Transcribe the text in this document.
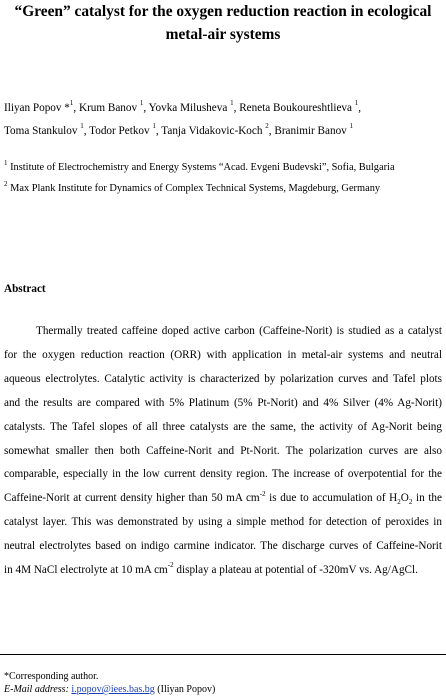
“Green” catalyst for the oxygen reduction reaction in ecological
metal-air systems
Iliyan Popov *$^1$, Krum Banov $^1$, Yovka Milusheva $^1$, Reneta Boukoureshtlieva $^1$,
Toma Stankulov $^1$, Todor Petkov $^1$, Tanja Vidakovic-Koch $^2$, Branimir Banov $^1$
$^1$ Institute of Electrochemistry and Energy Systems “Acad. Evgeni Budevski”, Sofia, Bulgaria
$^2$ Max Plank Institute for Dynamics of Complex Technical Systems, Magdeburg, Germany
Abstract
Thermally treated caffeine doped active carbon (Caffeine-Norit) is studied as a catalyst
for the oxygen reduction reaction (ORR) with application in metal-air systems and neutral
aqueous electrolytes. Catalytic activity is characterized by polarization curves and Tafel plots
and the results are compared with 5% Platinum (5% Pt-Norit) and 4% Silver (4% Ag-Norit)
catalysts. The Tafel slopes of all three catalysts are the same, the activity of Ag-Norit being
somewhat smaller then both Caffeine-Norit and Pt-Norit. The polarization curves are also
comparable, especially in the low current density region. The increase of overpotential for the
Caffeine-Norit at current density higher than 50 mA $cm^{-2}$ is due to accumulation of $H_2O_2$ in the
catalyst layer. This was demonstrated by using a simple method for detection of peroxides in
neutral electrolytes based on indigo carmine indicator. The discharge curves of Caffeine-Norit
in 4M NaCl electrolyte at 10 mA $cm^{-2}$ display a plateau at potential of -320mV vs. Ag/AgCl.
*Corresponding author.
E-Mail address: i.popov@iees.bas.bg (Iliyan Popov)
